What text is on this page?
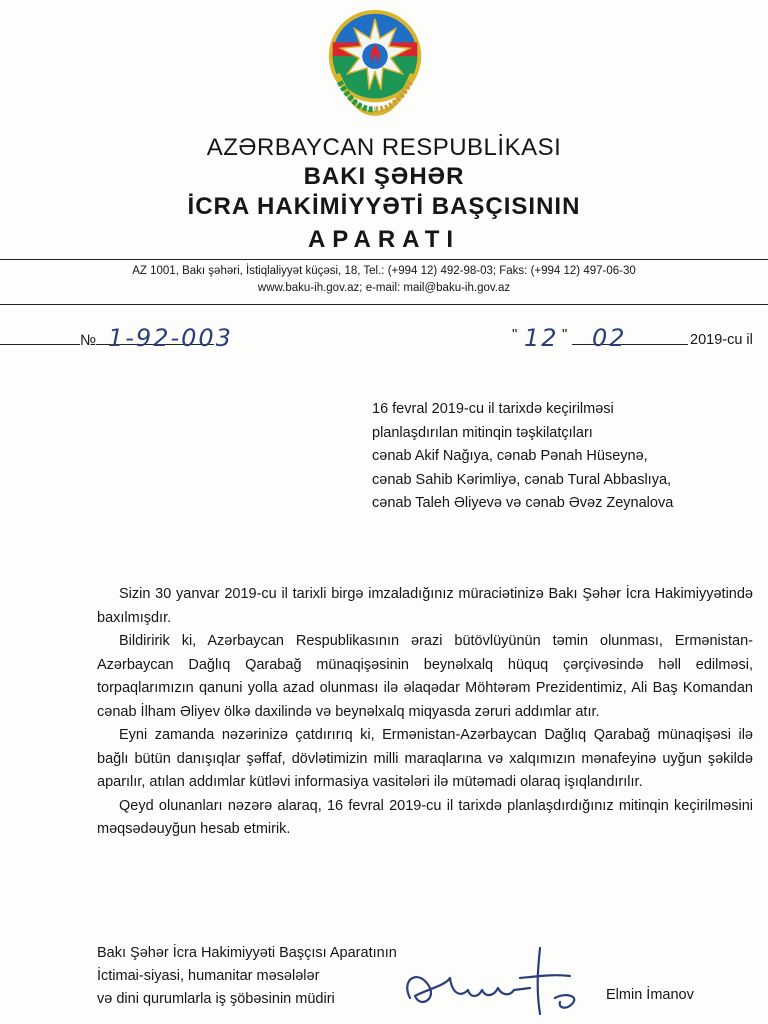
AZƏRBAYCAN RESPUBLİKASI
BAKI ŞƏHƏR
İCRA HAKİMİYYƏTİ BAŞÇISININ
APARATI
AZ 1001, Bakı şəhəri, İstiqlaliyyət küçəsi, 18, Tel.: (+994 12) 492-98-03; Faks: (+994 12) 497-06-30
www.baku-ih.gov.az; e-mail: mail@baku-ih.gov.az
№ 1-92-003	" 12 " 02	2019-cu il
16 fevral 2019-cu il tarixdə keçirilməsi
planlaşdırılan mitinqin təşkilatçıları
cənab Akif Nağıya, cənab Pənah Hüseynə,
cənab Sahib Kərimliyə, cənab Tural Abbaslıya,
cənab Taleh Əliyevə və cənab Əvəz Zeynalova

Sizin 30 yanvar 2019-cu il tarixli birgə imzaladığınız müraciətinizə Bakı Şəhər İcra Hakimiyyətində baxılmışdır.

Bildiririk ki, Azərbaycan Respublikasının ərazi bütövlüyünün təmin olunması, Ermənistan-Azərbaycan Dağlıq Qarabağ münaqişəsinin beynəlxalq hüquq çərçivəsində həll edilməsi, torpaqlarımızın qanuni yolla azad olunması ilə əlaqədar Möhtərəm Prezidentimiz, Ali Baş Komandan cənab İlham Əliyev ölkə daxilində və beynəlxalq miqyasda zəruri addımlar atır.

Eyni zamanda nəzərinizə çatdırırıq ki, Ermənistan-Azərbaycan Dağlıq Qarabağ münaqişəsi ilə bağlı bütün danışıqlar şəffaf, dövlətimizin milli maraqlarına və xalqımızın mənafeyinə uyğun şəkildə aparılır, atılan addımlar kütləvi informasiya vasitələri ilə mütəmadi olaraq işıqlandırılır.

Qeyd olunanları nəzərə alaraq, 16 fevral 2019-cu il tarixdə planlaşdırdığınız mitinqin keçirilməsini məqsədəuyğun hesab etmirik.

Bakı Şəhər İcra Hakimiyyəti Başçısı Aparatının
İctimai-siyasi, humanitar məsələlər
və dini qurumlarla iş şöbəsinin müdiri	Elmin İmanov
